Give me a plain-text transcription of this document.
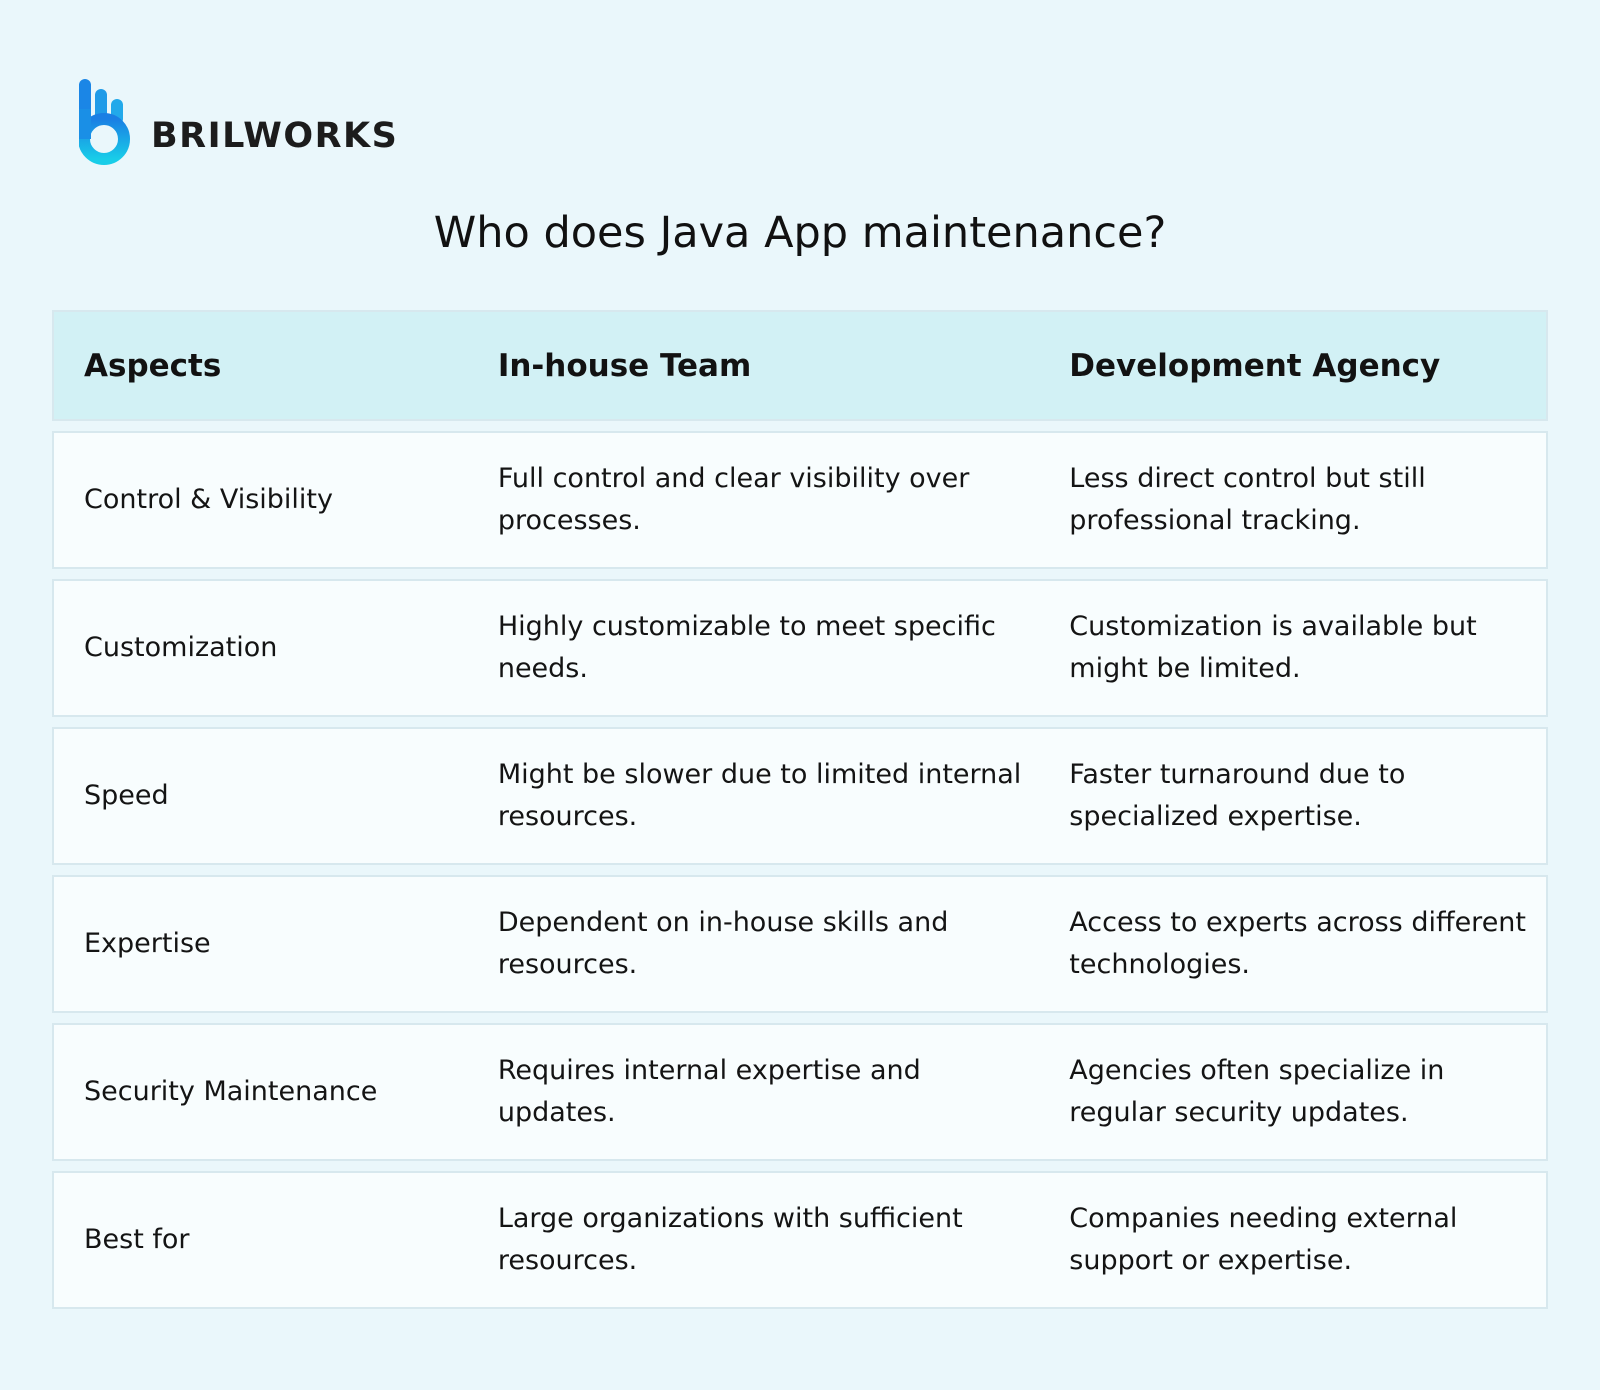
BRILWORKS
Who does Java App maintenance?
Aspects	In-house Team	Development Agency
Control & Visibility
Full control and clear visibility over processes.
Less direct control but still professional tracking.
Customization
Highly customizable to meet specific needs.
Customization is available but might be limited.
Speed
Might be slower due to limited internal resources.
Faster turnaround due to specialized expertise.
Expertise
Dependent on in-house skills and resources.
Access to experts across different technologies.
Security Maintenance
Requires internal expertise and updates.
Agencies often specialize in regular security updates.
Best for
Large organizations with sufficient resources.
Companies needing external support or expertise.
